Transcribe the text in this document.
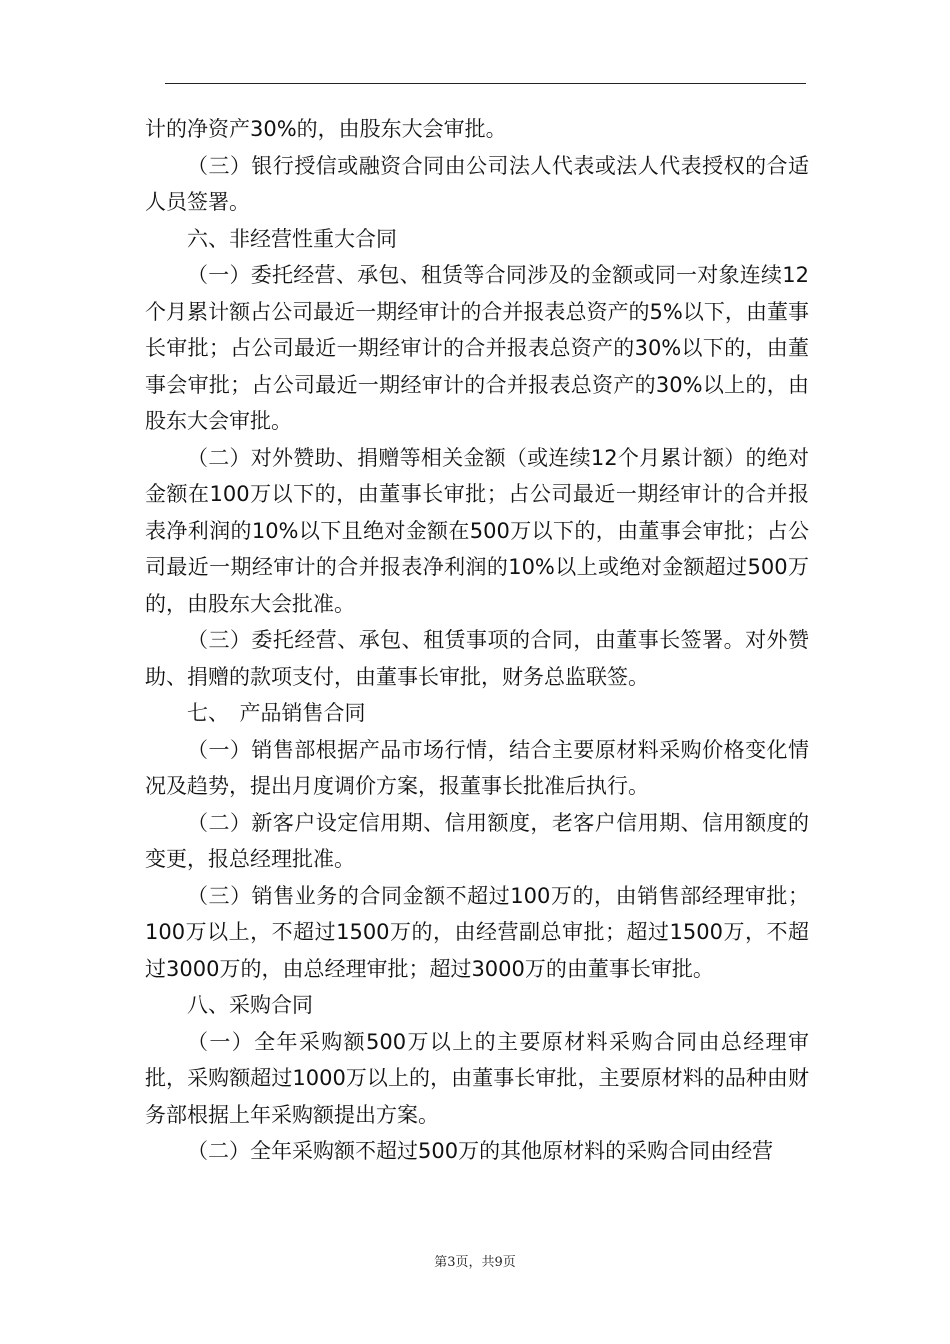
计的净资产30%的，由股东大会审批。

（三）银行授信或融资合同由公司法人代表或法人代表授权的合适人员签署。

六、非经营性重大合同

（一）委托经营、承包、租赁等合同涉及的金额或同一对象连续12个月累计额占公司最近一期经审计的合并报表总资产的5%以下，由董事长审批；占公司最近一期经审计的合并报表总资产的30%以下的，由董事会审批；占公司最近一期经审计的合并报表总资产的30%以上的，由股东大会审批。

（二）对外赞助、捐赠等相关金额（或连续12个月累计额）的绝对金额在100万以下的，由董事长审批；占公司最近一期经审计的合并报表净利润的10%以下且绝对金额在500万以下的，由董事会审批；占公司最近一期经审计的合并报表净利润的10%以上或绝对金额超过500万的，由股东大会批准。

（三）委托经营、承包、租赁事项的合同，由董事长签署。对外赞助、捐赠的款项支付，由董事长审批，财务总监联签。

七、　产品销售合同

（一）销售部根据产品市场行情，结合主要原材料采购价格变化情况及趋势，提出月度调价方案，报董事长批准后执行。

（二）新客户设定信用期、信用额度，老客户信用期、信用额度的变更，报总经理批准。

（三）销售业务的合同金额不超过100万的，由销售部经理审批；100万以上，不超过1500万的，由经营副总审批；超过1500万，不超过3000万的，由总经理审批；超过3000万的由董事长审批。

八、采购合同

（一）全年采购额500万以上的主要原材料采购合同由总经理审批，采购额超过1000万以上的，由董事长审批，主要原材料的品种由财务部根据上年采购额提出方案。

（二）全年采购额不超过500万的其他原材料的采购合同由经营

第3页，共9页
